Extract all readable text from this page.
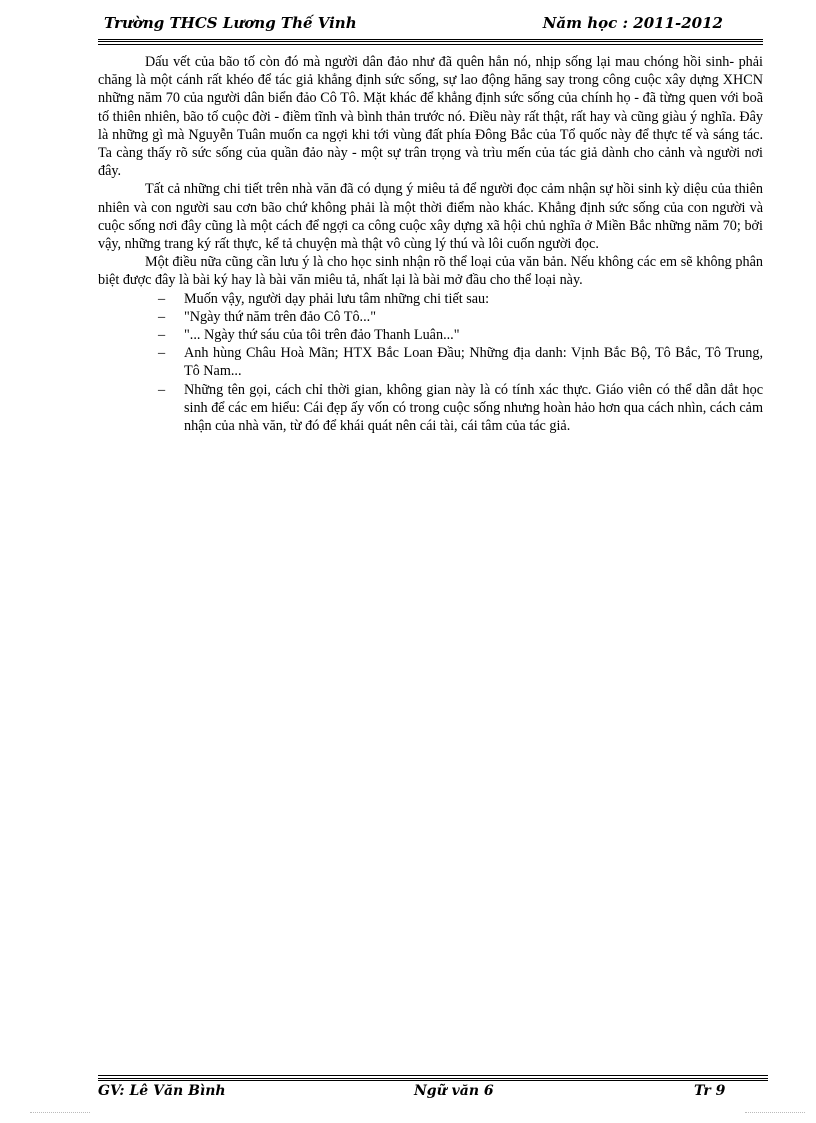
Trường THCS Lương Thế Vinh	Năm học : 2011-2012

Dấu vết của bão tố còn đó mà người dân đảo như đã quên hẳn nó, nhịp sống lại mau chóng hồi sinh- phải chăng là một cánh rất khéo để tác giả khẳng định sức sống, sự lao động hăng say trong công cuộc xây dựng XHCN những năm 70 của người dân biển đảo Cô Tô. Mặt khác để khẳng định sức sống của chính họ - đã từng quen với boã tố thiên nhiên, bão tố cuộc đời - điềm tĩnh và bình thản trước nó. Điều này rất thật, rất hay và cũng giàu ý nghĩa. Đây là những gì mà Nguyễn Tuân muốn ca ngợi khi tới vùng đất phía Đông Bắc của Tổ quốc này để thực tế và sáng tác. Ta càng thấy rõ sức sống của quần đảo này - một sự trân trọng và trìu mến của tác giả dành cho cảnh và người nơi đây.

Tất cả những chi tiết trên nhà văn đã có dụng ý miêu tả để người đọc cảm nhận sự hồi sinh kỳ diệu của thiên nhiên và con người sau cơn bão chứ không phải là một thời điểm nào khác. Khẳng định sức sống của con người và cuộc sống nơi đây cũng là một cách để ngợi ca công cuộc xây dựng xã hội chủ nghĩa ở Miền Bắc những năm 70; bởi vậy, những trang ký rất thực, kể tả chuyện mà thật vô cùng lý thú và lôi cuốn người đọc.

Một điều nữa cũng cần lưu ý là cho học sinh nhận rõ thể loại của văn bản. Nếu không các em sẽ không phân biệt được đây là bài ký hay là bài văn miêu tả, nhất lại là bài mở đầu cho thể loại này.

– Muốn vậy, người dạy phải lưu tâm những chi tiết sau:
– "Ngày thứ năm trên đảo Cô Tô..."
– "... Ngày thứ sáu của tôi trên đảo Thanh Luân..."
– Anh hùng Châu Hoà Mãn; HTX Bắc Loan Đầu; Những địa danh: Vịnh Bắc Bộ, Tô Bắc, Tô Trung, Tô Nam...
– Những tên gọi, cách chỉ thời gian, không gian này là có tính xác thực. Giáo viên có thể dẫn dắt học sinh để các em hiểu: Cái đẹp ấy vốn có trong cuộc sống nhưng hoàn hảo hơn qua cách nhìn, cách cảm nhận của nhà văn, từ đó để khái quát nên cái tài, cái tâm của tác giả.
GV: Lê Văn Bình	Ngữ văn 6	Tr 9
